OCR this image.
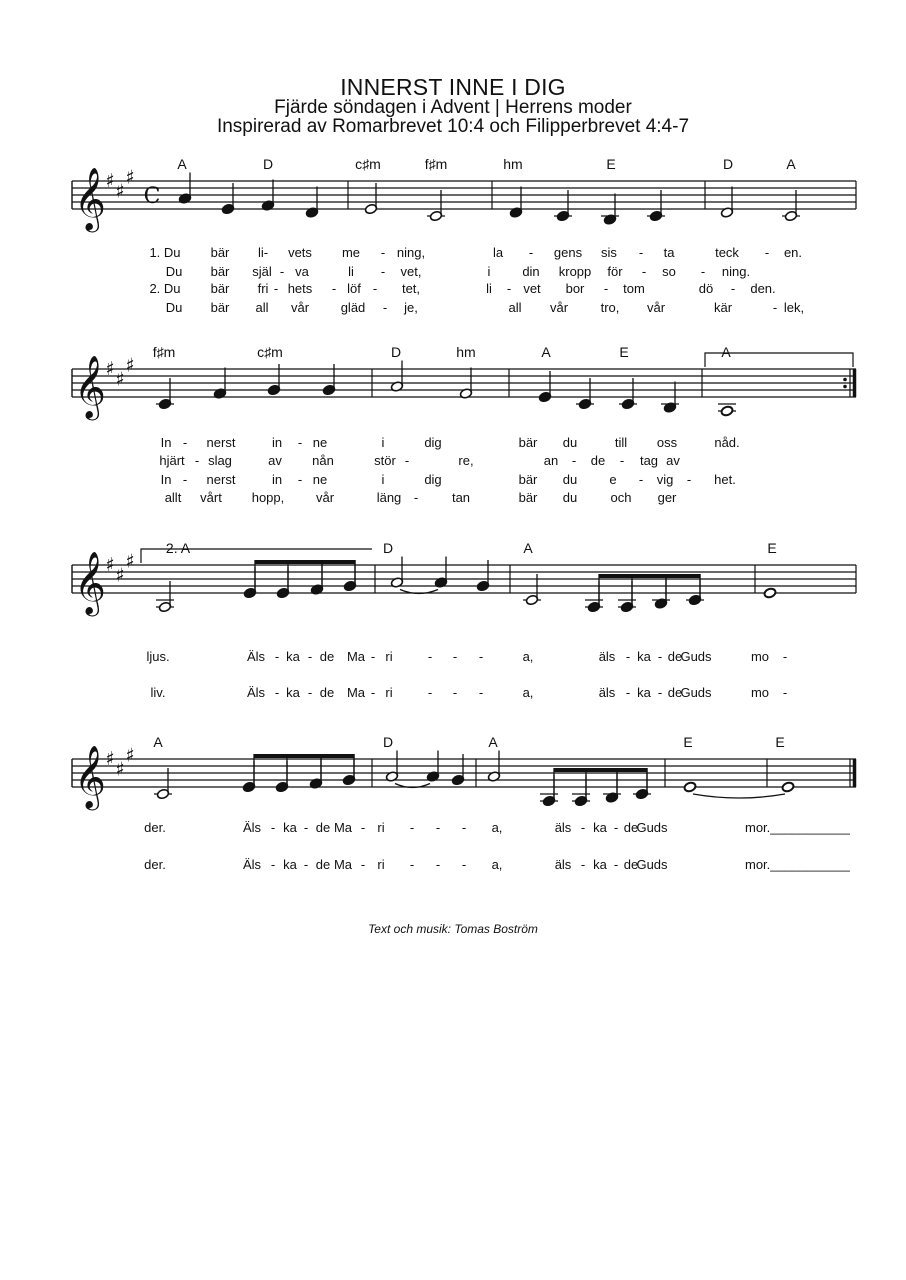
INNERST INNE I DIG
Fjärde söndagen i Advent | Herrens moder
Inspirerad av Romarbrevet 10:4 och Filipperbrevet 4:4-7
𝄞 ♯ ♯
♯
C
A	D	c♯m	f♯m	hm	E	D	A
1. Du bär li- vets me - ning,	la - gens sis - ta	teck - en.
Du bär själ - va	li - vet,	i din kropp för - so - ning.
2. Du bär fri - hets - löf - tet,	li - vet bor - tom	dö - den.
Du bär all vår gläd - je,	all vår	tro, vår	kär	- lek,
𝄞 ♯ ♯
♯
f♯m	c♯m	D	hm	A	E	A
In - nerst	in - ne	i	dig	bär du	till oss	nåd.
hjärt - slag	av nån	stör -	re,	an - de - tag av
In - nerst	in - ne	i	dig	bär du e - vig - het.
allt vårt hopp, vår	läng -	tan	bär du	och ger
𝄞 ♯ ♯
♯
2. A	D	A	E
ljus.	Äls - ka - de Ma - ri	- - -	a,	äls - ka - de
Guds	mo -
liv.	Äls - ka - de Ma - ri	- - -	a,	äls - ka - de
Guds	mo -
𝄞 ♯ ♯
♯
A	D	A	E	E
der.	Äls - ka - de Ma - ri - - - a,	äls - ka - de
Guds	mor.___________
der.	Äls - ka - de Ma - ri - - - a,	äls - ka - de
Guds	mor.___________
Text och musik: Tomas Boström
